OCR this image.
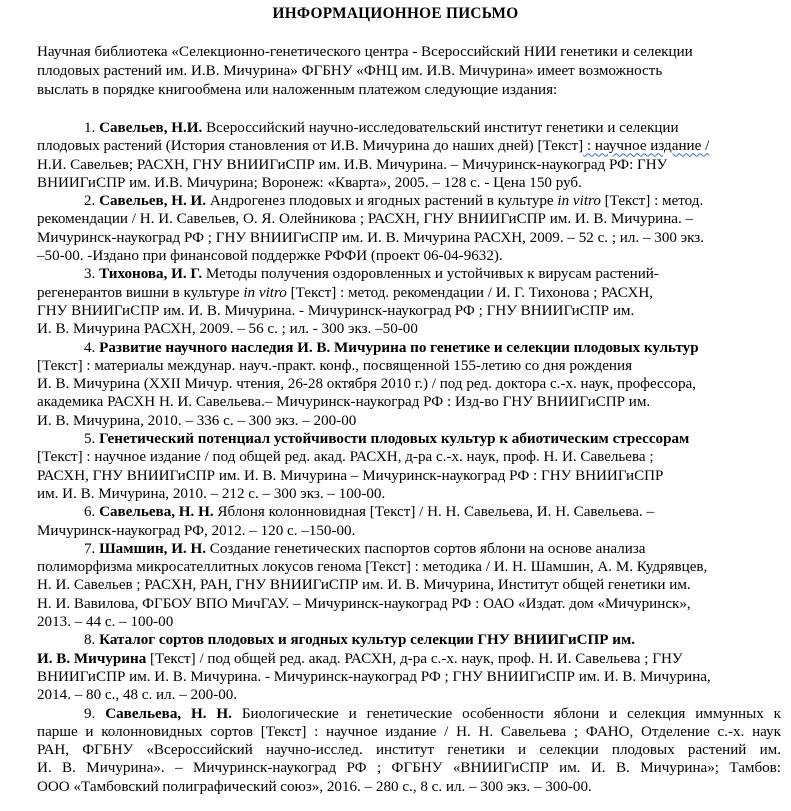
ИНФОРМАЦИОННОЕ ПИСЬМО
Научная библиотека «Селекционно-генетического центра - Всероссийский НИИ генетики и селекции
плодовых растений им. И.В. Мичурина» ФГБНУ «ФНЦ им. И.В. Мичурина» имеет возможность
выслать в порядке книгообмена или наложенным платежом следующие издания:
1. Савельев, Н.И. Всероссийский научно-исследовательский институт генетики и селекции
плодовых растений (История становления от И.В. Мичурина до наших дней) [Текст] : научное издание /
Н.И. Савельев; РАСХН, ГНУ ВНИИГиСПР им. И.В. Мичурина. – Мичуринск-наукоград РФ: ГНУ
ВНИИГиСПР им. И.В. Мичурина; Воронеж: «Кварта», 2005. – 128 с. - Цена 150 руб.
2. Савельев, Н. И. Андрогенез плодовых и ягодных растений в культуре in vitro [Текст] : метод.
рекомендации / Н. И. Савельев, О. Я. Олейникова ; РАСХН, ГНУ ВНИИГиСПР им. И. В. Мичурина. –
Мичуринск-наукоград РФ ; ГНУ ВНИИГиСПР им. И. В. Мичурина РАСХН, 2009. – 52 с. ; ил. – 300 экз.
–50-00. -Издано при финансовой поддержке РФФИ (проект 06-04-9632).
3. Тихонова, И. Г. Методы получения оздоровленных и устойчивых к вирусам растений-
регенерантов вишни в культуре in vitro [Текст] : метод. рекомендации / И. Г. Тихонова ; РАСХН,
ГНУ ВНИИГиСПР им. И. В. Мичурина. - Мичуринск-наукоград РФ ; ГНУ ВНИИГиСПР им.
И. В. Мичурина РАСХН, 2009. – 56 с. ; ил. - 300 экз. –50-00
4. Развитие научного наследия И. В. Мичурина по генетике и селекции плодовых культур
[Текст] : материалы междунар. науч.-практ. конф., посвященной 155-летию со дня рождения
И. В. Мичурина (XXII Мичур. чтения, 26-28 октября 2010 г.) / под ред. доктора с.-х. наук, профессора,
академика РАСХН Н. И. Савельева.– Мичуринск-наукоград РФ : Изд-во ГНУ ВНИИГиСПР им.
И. В. Мичурина, 2010. – 336 с. – 300 экз. – 200-00
5. Генетический потенциал устойчивости плодовых культур к абиотическим стрессорам
[Текст] : научное издание / под общей ред. акад. РАСХН, д-ра с.-х. наук, проф. Н. И. Савельева ;
РАСХН, ГНУ ВНИИГиСПР им. И. В. Мичурина – Мичуринск-наукоград РФ : ГНУ ВНИИГиСПР
им. И. В. Мичурина, 2010. – 212 с. – 300 экз. – 100-00.
6. Савельева, Н. Н. Яблоня колонновидная [Текст] / Н. Н. Савельева, И. Н. Савельева. –
Мичуринск-наукоград РФ, 2012. – 120 с. –150-00.
7. Шамшин, И. Н. Создание генетических паспортов сортов яблони на основе анализа
полиморфизма микросателлитных локусов генома [Текст] : методика / И. Н. Шамшин, А. М. Кудрявцев,
Н. И. Савельев ; РАСХН, РАН, ГНУ ВНИИГиСПР им. И. В. Мичурина, Институт общей генетики им.
Н. И. Вавилова, ФГБОУ ВПО МичГАУ. – Мичуринск-наукоград РФ : ОАО «Издат. дом «Мичуринск»,
2013. – 44 с. – 100-00
8. Каталог сортов плодовых и ягодных культур селекции ГНУ ВНИИГиСПР им.
И. В. Мичурина [Текст] / под общей ред. акад. РАСХН, д-ра с.-х. наук, проф. Н. И. Савельева ; ГНУ
ВНИИГиСПР им. И. В. Мичурина. - Мичуринск-наукоград РФ ; ГНУ ВНИИГиСПР им. И. В. Мичурина,
2014. – 80 с., 48 с. ил. – 200-00.
9. Савельева, Н. Н. Биологические и генетические особенности яблони и селекция иммунных к
парше и колонновидных сортов [Текст] : научное издание / Н. Н. Савельева ; ФАНО, Отделение с.-х. наук
РАН, ФГБНУ «Всероссийский научно-исслед. институт генетики и селекции плодовых растений им.
И. В. Мичурина». – Мичуринск-наукоград РФ ; ФГБНУ «ВНИИГиСПР им. И. В. Мичурина»; Тамбов:
ООО «Тамбовский полиграфический союз», 2016. – 280 с., 8 с. ил. – 300 экз. – 300-00.
